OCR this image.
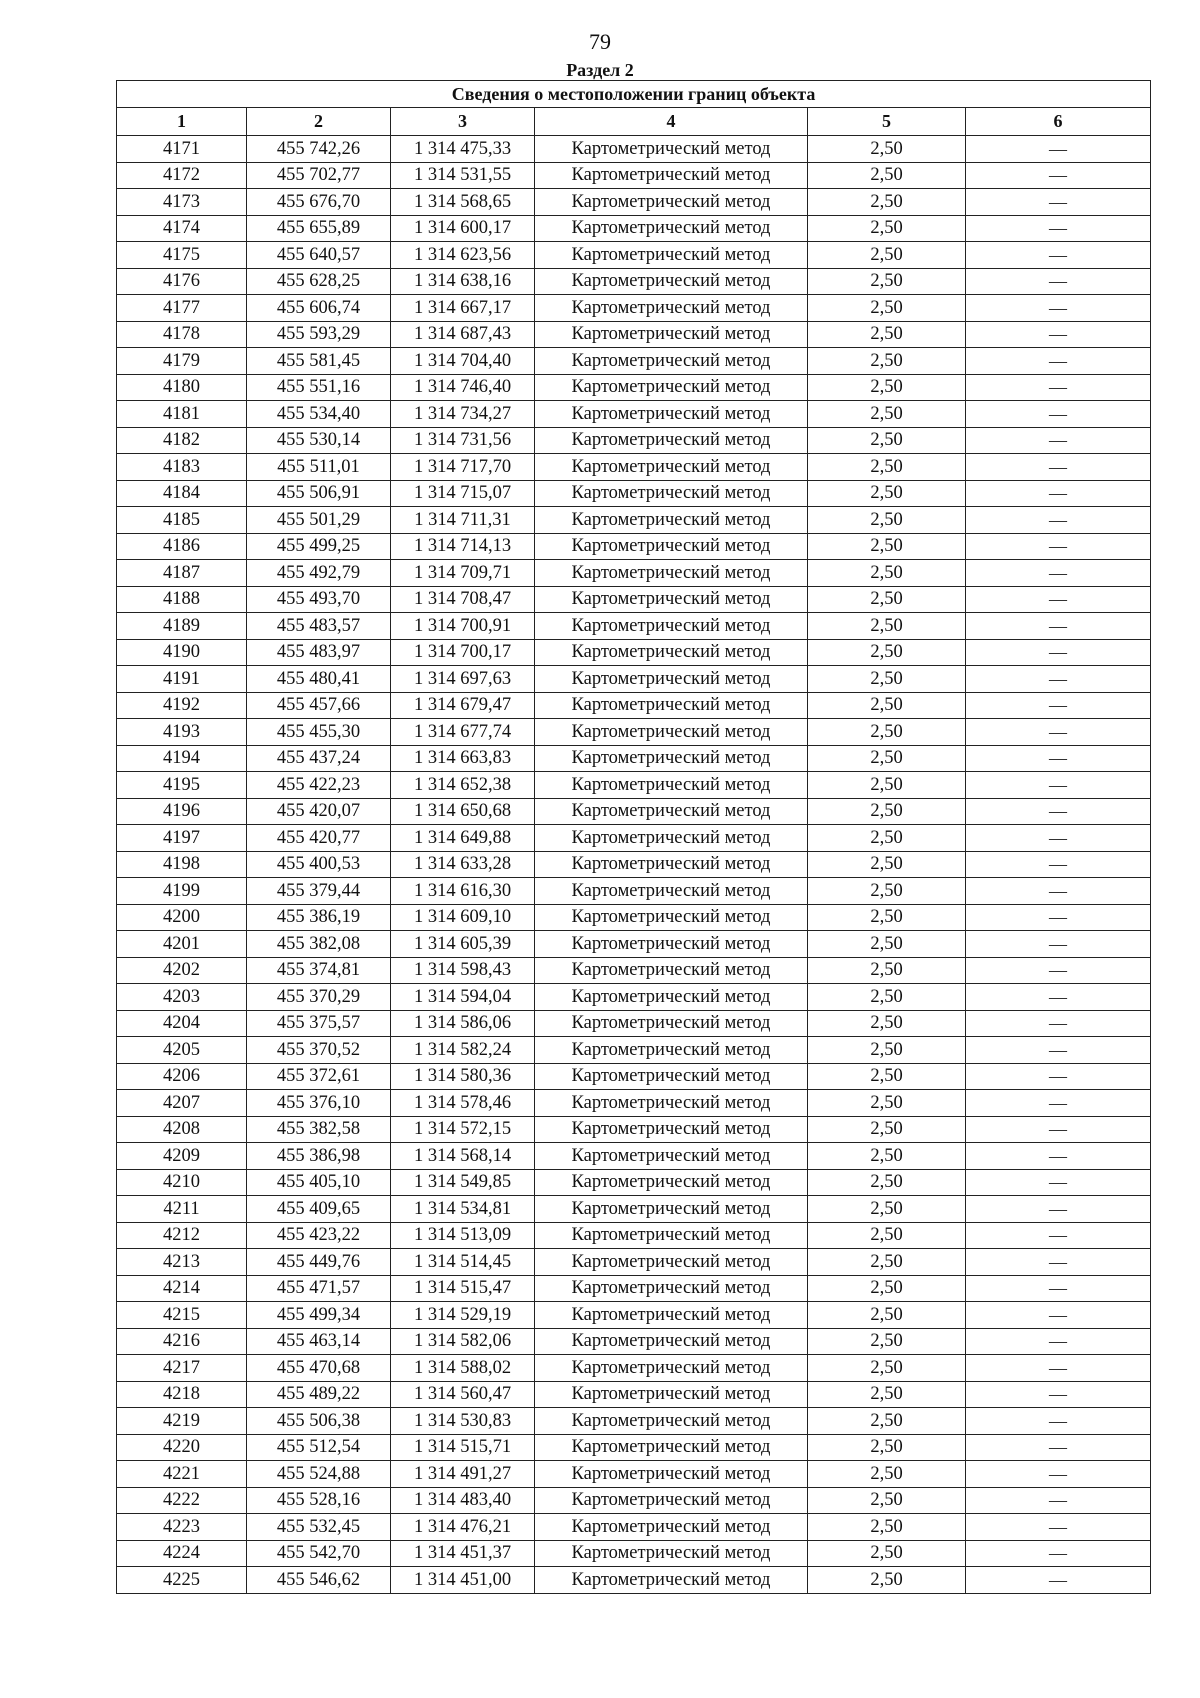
79
Раздел 2
Сведения о местоположении границ объекта					
1	2	3	4	5	6
4171	455 742,26	1 314 475,33	Картометрический метод	2,50	—
4172	455 702,77	1 314 531,55	Картометрический метод	2,50	—
4173	455 676,70	1 314 568,65	Картометрический метод	2,50	—
4174	455 655,89	1 314 600,17	Картометрический метод	2,50	—
4175	455 640,57	1 314 623,56	Картометрический метод	2,50	—
4176	455 628,25	1 314 638,16	Картометрический метод	2,50	—
4177	455 606,74	1 314 667,17	Картометрический метод	2,50	—
4178	455 593,29	1 314 687,43	Картометрический метод	2,50	—
4179	455 581,45	1 314 704,40	Картометрический метод	2,50	—
4180	455 551,16	1 314 746,40	Картометрический метод	2,50	—
4181	455 534,40	1 314 734,27	Картометрический метод	2,50	—
4182	455 530,14	1 314 731,56	Картометрический метод	2,50	—
4183	455 511,01	1 314 717,70	Картометрический метод	2,50	—
4184	455 506,91	1 314 715,07	Картометрический метод	2,50	—
4185	455 501,29	1 314 711,31	Картометрический метод	2,50	—
4186	455 499,25	1 314 714,13	Картометрический метод	2,50	—
4187	455 492,79	1 314 709,71	Картометрический метод	2,50	—
4188	455 493,70	1 314 708,47	Картометрический метод	2,50	—
4189	455 483,57	1 314 700,91	Картометрический метод	2,50	—
4190	455 483,97	1 314 700,17	Картометрический метод	2,50	—
4191	455 480,41	1 314 697,63	Картометрический метод	2,50	—
4192	455 457,66	1 314 679,47	Картометрический метод	2,50	—
4193	455 455,30	1 314 677,74	Картометрический метод	2,50	—
4194	455 437,24	1 314 663,83	Картометрический метод	2,50	—
4195	455 422,23	1 314 652,38	Картометрический метод	2,50	—
4196	455 420,07	1 314 650,68	Картометрический метод	2,50	—
4197	455 420,77	1 314 649,88	Картометрический метод	2,50	—
4198	455 400,53	1 314 633,28	Картометрический метод	2,50	—
4199	455 379,44	1 314 616,30	Картометрический метод	2,50	—
4200	455 386,19	1 314 609,10	Картометрический метод	2,50	—
4201	455 382,08	1 314 605,39	Картометрический метод	2,50	—
4202	455 374,81	1 314 598,43	Картометрический метод	2,50	—
4203	455 370,29	1 314 594,04	Картометрический метод	2,50	—
4204	455 375,57	1 314 586,06	Картометрический метод	2,50	—
4205	455 370,52	1 314 582,24	Картометрический метод	2,50	—
4206	455 372,61	1 314 580,36	Картометрический метод	2,50	—
4207	455 376,10	1 314 578,46	Картометрический метод	2,50	—
4208	455 382,58	1 314 572,15	Картометрический метод	2,50	—
4209	455 386,98	1 314 568,14	Картометрический метод	2,50	—
4210	455 405,10	1 314 549,85	Картометрический метод	2,50	—
4211	455 409,65	1 314 534,81	Картометрический метод	2,50	—
4212	455 423,22	1 314 513,09	Картометрический метод	2,50	—
4213	455 449,76	1 314 514,45	Картометрический метод	2,50	—
4214	455 471,57	1 314 515,47	Картометрический метод	2,50	—
4215	455 499,34	1 314 529,19	Картометрический метод	2,50	—
4216	455 463,14	1 314 582,06	Картометрический метод	2,50	—
4217	455 470,68	1 314 588,02	Картометрический метод	2,50	—
4218	455 489,22	1 314 560,47	Картометрический метод	2,50	—
4219	455 506,38	1 314 530,83	Картометрический метод	2,50	—
4220	455 512,54	1 314 515,71	Картометрический метод	2,50	—
4221	455 524,88	1 314 491,27	Картометрический метод	2,50	—
4222	455 528,16	1 314 483,40	Картометрический метод	2,50	—
4223	455 532,45	1 314 476,21	Картометрический метод	2,50	—
4224	455 542,70	1 314 451,37	Картометрический метод	2,50	—
4225	455 546,62	1 314 451,00	Картометрический метод	2,50	—
